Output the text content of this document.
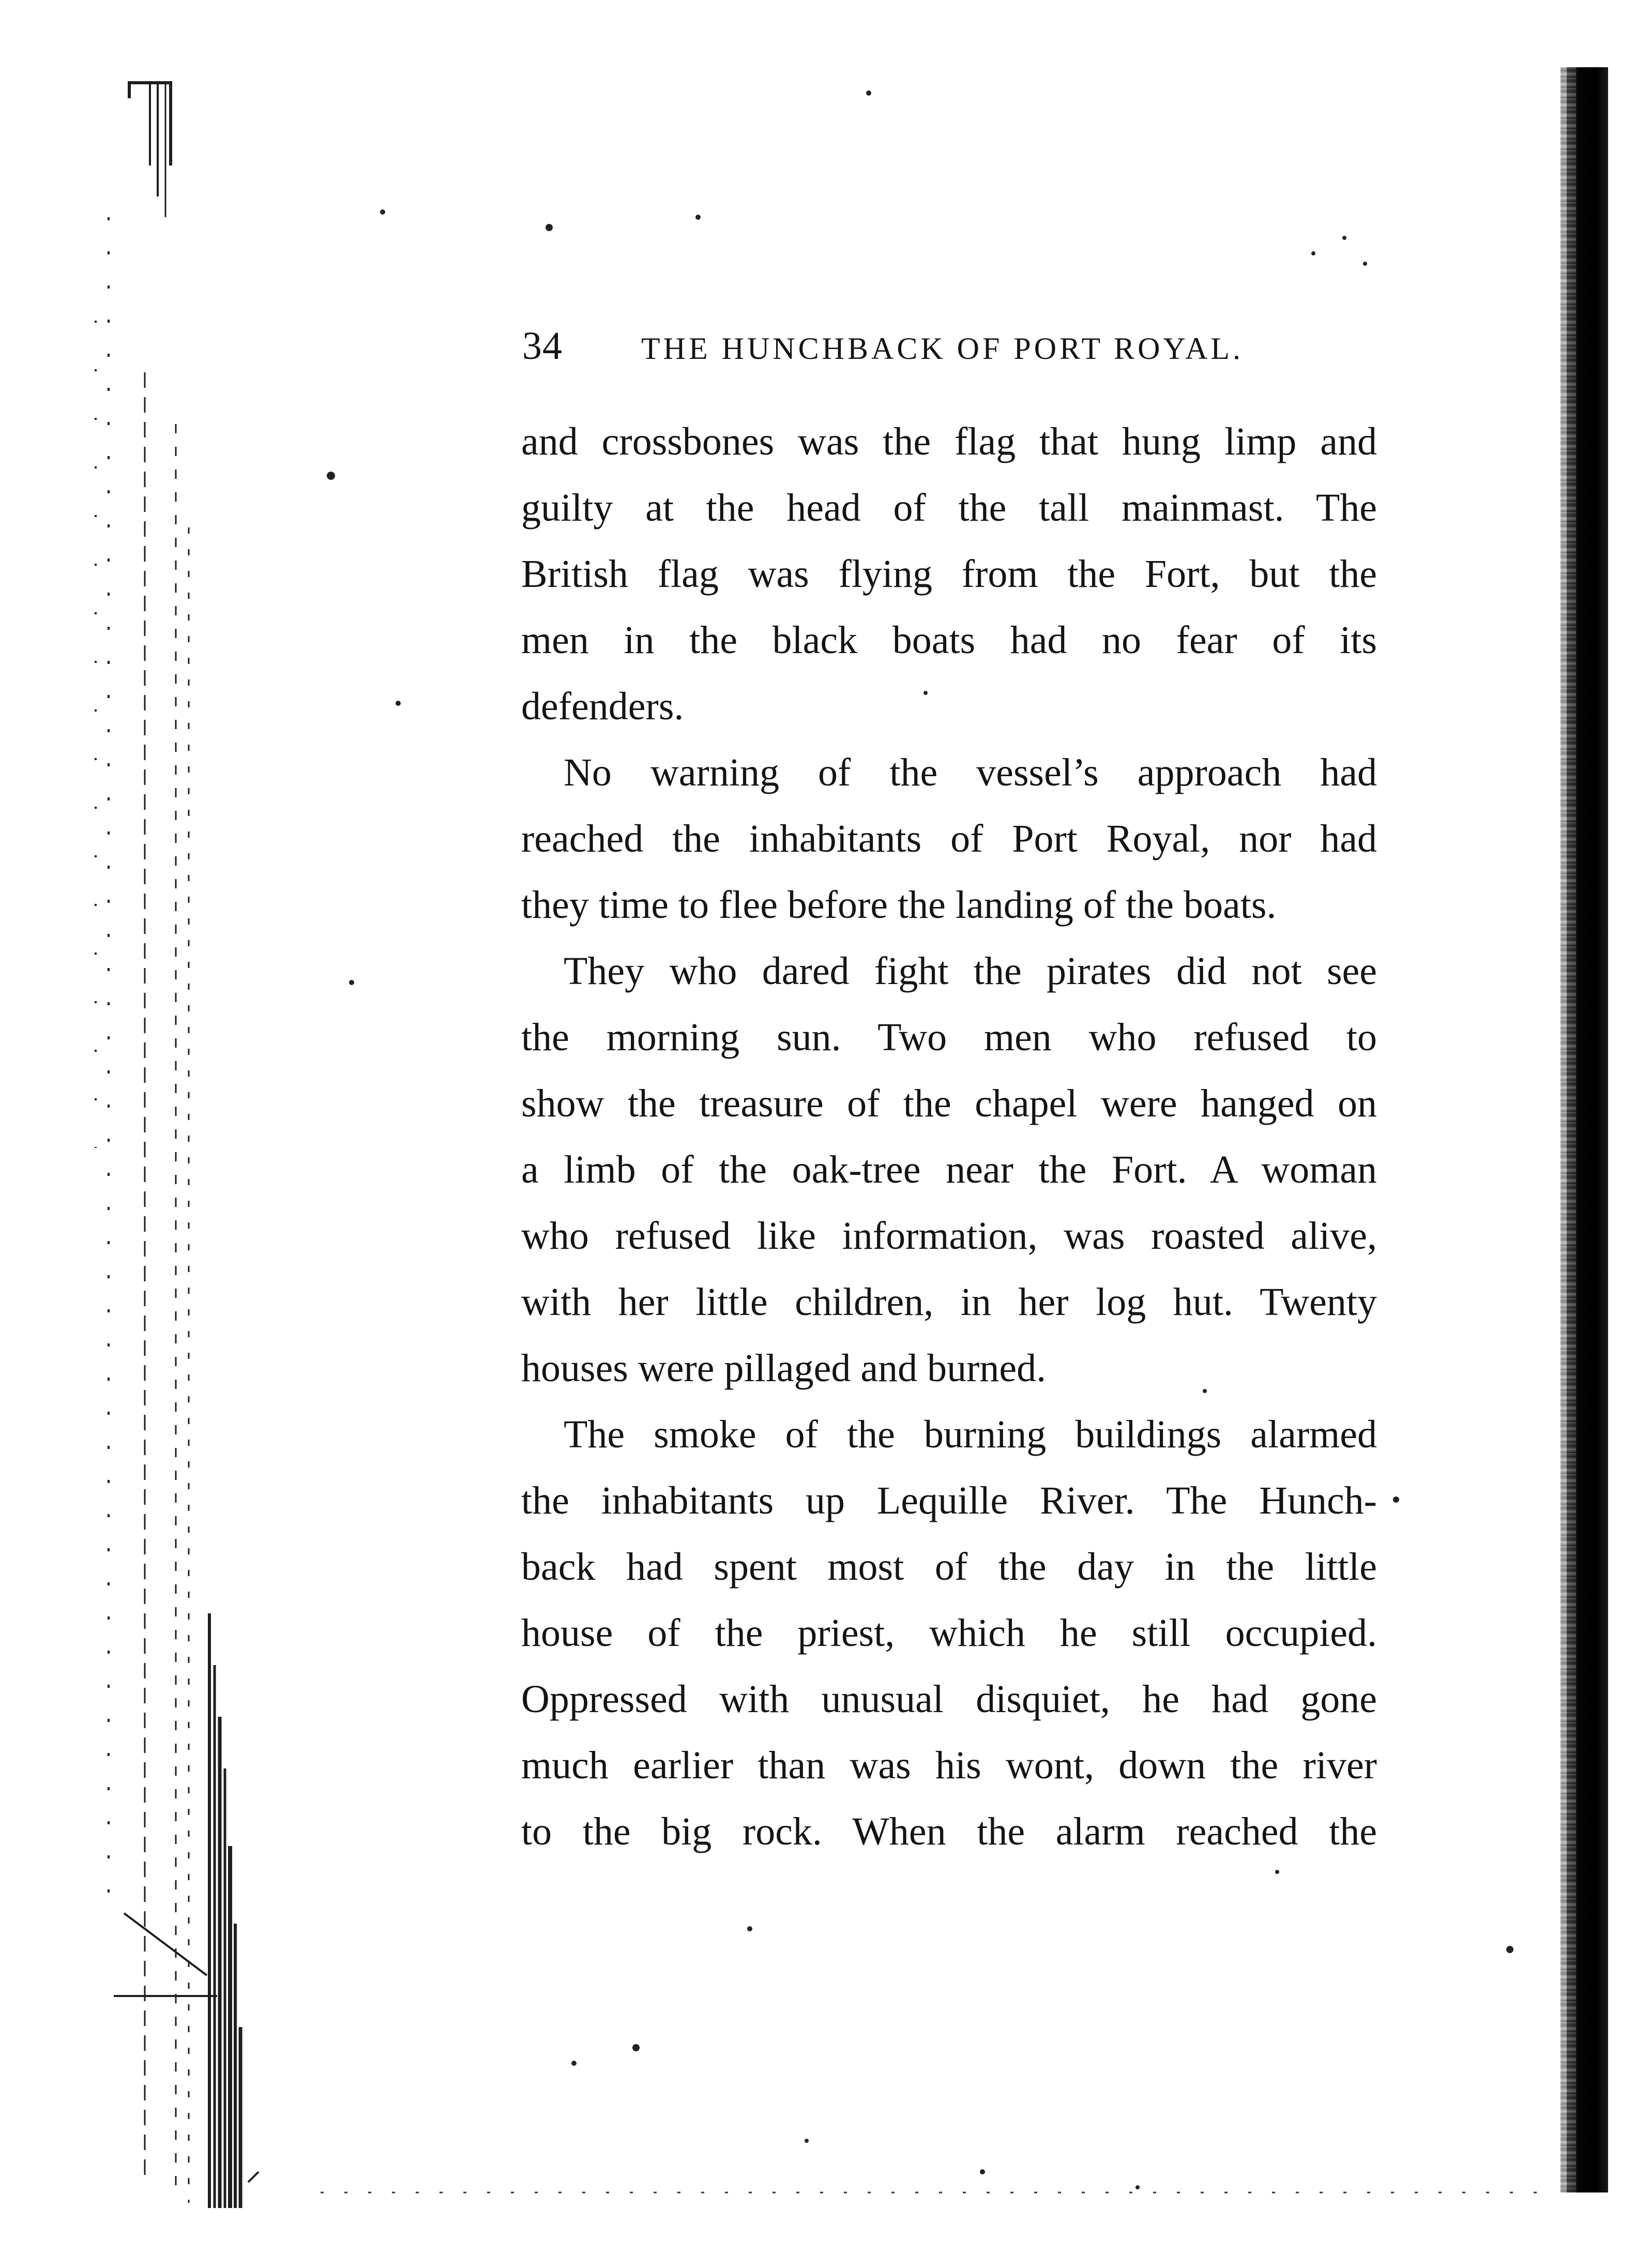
34	THE HUNCHBACK OF PORT ROYAL.
and crossbones was the flag that hung limp and
guilty at the head of the tall mainmast. The
British flag was flying from the Fort, but the
men in the black boats had no fear of its
defenders.
No warning of the vessel’s approach had
reached the inhabitants of Port Royal, nor had
they time to flee before the landing of the boats.
They who dared fight the pirates did not see
the morning sun. Two men who refused to
show the treasure of the chapel were hanged on
a limb of the oak-tree near the Fort. A woman
who refused like information, was roasted alive,
with her little children, in her log hut. Twenty
houses were pillaged and burned.
The smoke of the burning buildings alarmed
the inhabitants up Lequille River. The Hunch-
back had spent most of the day in the little
house of the priest, which he still occupied.
Oppressed with unusual disquiet, he had gone
much earlier than was his wont, down the river
to the big rock. When the alarm reached the
